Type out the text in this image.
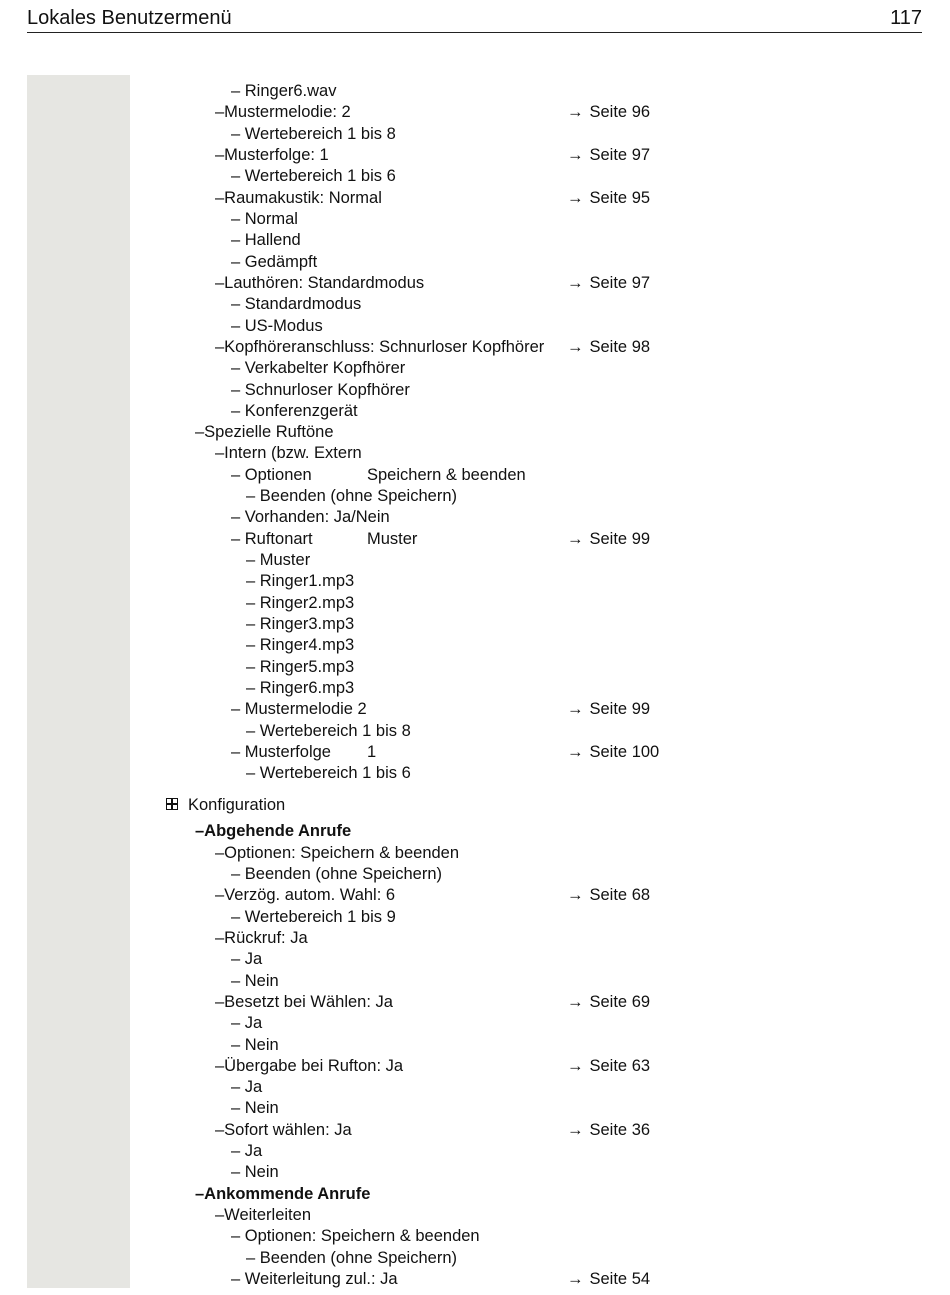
Lokales Benutzermenü	117
– Ringer6.wav
–Mustermelodie: 2	→ Seite 96
– Wertebereich 1 bis 8
–Musterfolge: 1	→ Seite 97
– Wertebereich 1 bis 6
–Raumakustik: Normal	→ Seite 95
– Normal
– Hallend
– Gedämpft
–Lauthören: Standardmodus	→ Seite 97
– Standardmodus
– US-Modus
–Kopfhöreranschluss: Schnurloser Kopfhörer → Seite 98
– Verkabelter Kopfhörer
– Schnurloser Kopfhörer
– Konferenzgerät
–Spezielle Ruftöne
–Intern (bzw. Extern
– Optionen	Speichern & beenden
– Beenden (ohne Speichern)
– Vorhanden: Ja/Nein
– Ruftonart	Muster	→ Seite 99
– Muster
– Ringer1.mp3
– Ringer2.mp3
– Ringer3.mp3
– Ringer4.mp3
– Ringer5.mp3
– Ringer6.mp3
– Mustermelodie 2	→ Seite 99
– Wertebereich 1 bis 8
– Musterfolge 1	→ Seite 100
– Wertebereich 1 bis 6
Konfiguration
–Abgehende Anrufe
–Optionen: Speichern & beenden
– Beenden (ohne Speichern)
–Verzög. autom. Wahl: 6	→ Seite 68
– Wertebereich 1 bis 9
–Rückruf: Ja
– Ja
– Nein
–Besetzt bei Wählen: Ja	→ Seite 69
– Ja
– Nein
–Übergabe bei Rufton: Ja	→ Seite 63
– Ja
– Nein
–Sofort wählen: Ja	→ Seite 36
– Ja
– Nein
–Ankommende Anrufe
–Weiterleiten
– Optionen: Speichern & beenden
– Beenden (ohne Speichern)
– Weiterleitung zul.: Ja	→ Seite 54
